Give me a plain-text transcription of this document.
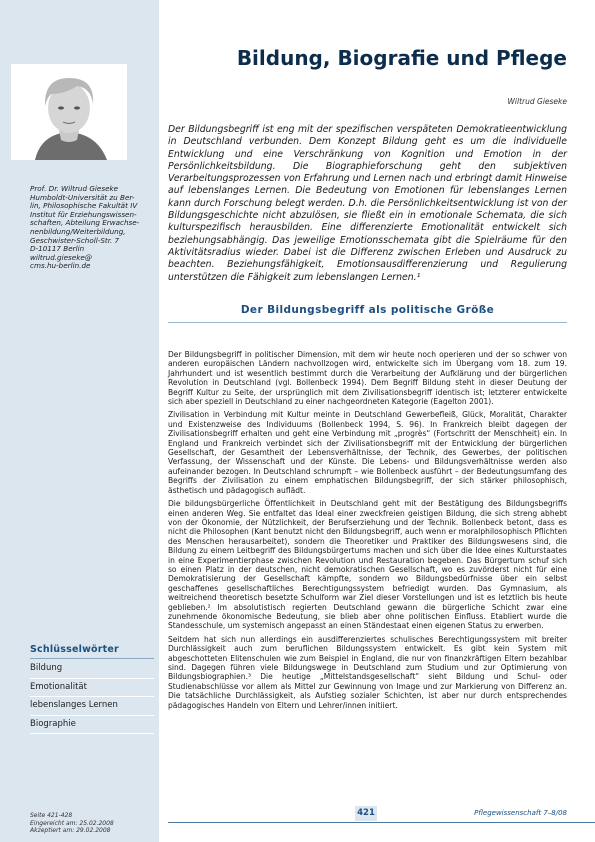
Prof. Dr. Wiltrud Gieseke
Humboldt-Universität zu Ber-
lin, Philosophische Fakultät IV
Institut für Erziehungswissen-
schaften, Abteilung Erwachse-
nenbildung/Weiterbildung,
Geschwister-Scholl-Str. 7
D-10117 Berlin
wiltrud.gieseke@
cms.hu-berlin.de
Schlüsselwörter
Bildung
Emotionalität
lebenslanges Lernen
Biographie
Seite 421-428
Eingereicht am: 25.02.2008
Akzeptiert am: 29.02.2008
Bildung, Biografie und Pflege
Wiltrud Gieseke

Der Bildungsbegriff ist eng mit der spezifischen verspäteten Demokratieentwicklung in Deutschland verbunden. Dem Konzept Bildung geht es um die individuelle Entwicklung und eine Verschränkung von Kognition und Emotion in der Persönlichkeitsbildung. Die Biographieforschung geht den subjektiven Verarbeitungsprozessen von Erfahrung und Lernen nach und erbringt damit Hinweise auf lebenslanges Lernen. Die Bedeutung von Emotionen für lebenslanges Lernen kann durch Forschung belegt werden. D.h. die Persönlichkeitsentwicklung ist von der Bildungsgeschichte nicht abzulösen, sie fließt ein in emotionale Schemata, die sich kulturspezifisch herausbilden. Eine differenzierte Emotionalität entwickelt sich beziehungsabhängig. Das jeweilige Emotionsschemata gibt die Spielräume für den Aktivitätsradius wieder. Dabei ist die Differenz zwischen Erleben und Ausdruck zu beachten. Beziehungsfähigkeit, Emotionsausdifferenzierung und Regulierung unterstützen die Fähigkeit zum lebenslangen Lernen.¹

Der Bildungsbegriff als politische Größe

Der Bildungsbegriff in politischer Dimension, mit dem wir heute noch operieren und der so schwer von anderen europäischen Ländern nachvollzogen wird, entwickelte sich im Übergang vom 18. zum 19. Jahrhundert und ist wesentlich bestimmt durch die Verarbeitung der Aufklärung und der bürgerlichen Revolution in Deutschland (vgl. Bollenbeck 1994). Dem Begriff Bildung steht in dieser Deutung der Begriff Kultur zu Seite, der ursprünglich mit dem Zivilisationsbegriff identisch ist; letzterer entwickelte sich aber speziell in Deutschland zu einer nachgeordneten Kategorie (Eagelton 2001).

Zivilisation in Verbindung mit Kultur meinte in Deutschland Gewerbefleiß, Glück, Moralität, Charakter und Existenzweise des Individuums (Bollenbeck 1994, S. 96). In Frankreich bleibt dagegen der Zivilisationsbegriff erhalten und geht eine Verbindung mit „progrès“ (Fortschritt der Menschheit) ein. In England und Frankreich verbindet sich der Zivilisationsbegriff mit der Entwicklung der bürgerlichen Gesellschaft, der Gesamtheit der Lebensverhältnisse, der Technik, des Gewerbes, der politischen Verfassung, der Wissenschaft und der Künste. Die Lebens- und Bildungsverhältnisse werden also aufeinander bezogen. In Deutschland schrumpft – wie Bollenbeck ausführt – der Bedeutungsumfang des Begriffs der Zivilisation zu einem emphatischen Bildungsbegriff, der sich stärker philosophisch, ästhetisch und pädagogisch auflädt.

Die bildungsbürgerliche Öffentlichkeit in Deutschland geht mit der Bestätigung des Bildungsbegriffs einen anderen Weg. Sie entfaltet das Ideal einer zweckfreien geistigen Bildung, die sich streng abhebt von der Ökonomie, der Nützlichkeit, der Berufserziehung und der Technik. Bollenbeck betont, dass es nicht die Philosophen (Kant benutzt nicht den Bildungsbegriff, auch wenn er moralphilosophisch Pflichten des Menschen herausarbeitet), sondern die Theoretiker und Praktiker des Bildungswesens sind, die Bildung zu einem Leitbegriff des Bildungsbürgertums machen und sich über die Idee eines Kulturstaates in eine Experimentierphase zwischen Revolution und Restauration begeben. Das Bürgertum schuf sich so einen Platz in der deutschen, nicht demokratischen Gesellschaft, wo es zuvörderst nicht für eine Demokratisierung der Gesellschaft kämpfte, sondern wo Bildungsbedürfnisse über ein selbst geschaffenes gesellschaftliches Berechtigungssystem befriedigt wurden. Das Gymnasium, als weitreichend theoretisch besetzte Schulform war Ziel dieser Vorstellungen und ist es letztlich bis heute geblieben.² Im absolutistisch regierten Deutschland gewann die bürgerliche Schicht zwar eine zunehmende ökonomische Bedeutung, sie blieb aber ohne politischen Einfluss. Etabliert wurde die Standesschule, um systemisch angepasst an einen Ständestaat einen eigenen Status zu erwerben.

Seitdem hat sich nun allerdings ein ausdifferenziertes schulisches Berechtigungssystem mit breiter Durchlässigkeit auch zum beruflichen Bildungssystem entwickelt. Es gibt kein System mit abgeschotteten Elitenschulen wie zum Beispiel in England, die nur von finanzkräftigen Eltern bezahlbar sind. Dagegen führen viele Bildungswege in Deutschland zum Studium und zur Optimierung von Bildungsbiographien.³ Die heutige „Mittelstandsgesellschaft“ sieht Bildung und Schul- oder Studienabschlüsse vor allem als Mittel zur Gewinnung von Image und zur Markierung von Differenz an. Die tatsächliche Durchlässigkeit, als Aufstieg sozialer Schichten, ist aber nur durch entsprechendes pädagogisches Handeln von Eltern und Lehrer/innen initiiert.

421	Pflegewissenschaft 7–8/08
